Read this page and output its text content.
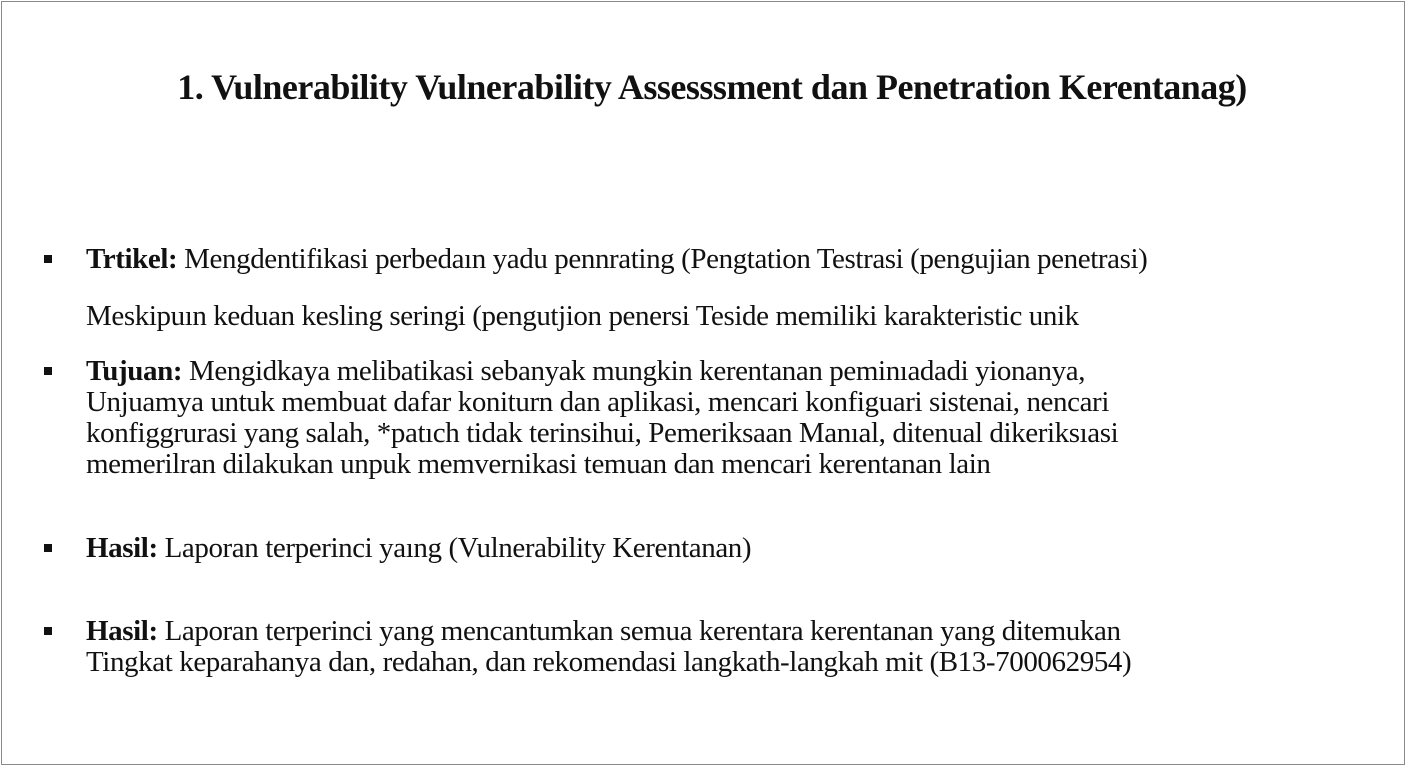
1. Vulnerability Vulnerability Assesssment dan Penetration Kerentanag)
Trtikel: Mengdentifikasi perbedaın yadu pennrating (Pengtation Testrasi (pengujian penetrasi)
Meskipuın keduan kesling seringi (pengutjion penersi Teside memiliki karakteristic unik
Tujuan: Mengidkaya melibatikasi sebanyak mungkin kerentanan peminıadadi yionanya,
Unjuamya untuk membuat dafar koniturn dan aplikasi, mencari konfiguari sistenai, nencari
konfiggrurasi yang salah, *patıch tidak terinsihui, Pemeriksaan Manıal, ditenual dikeriksıasi
memerilran dilakukan unpuk memvernikasi temuan dan mencari kerentanan lain
Hasil: Laporan terperinci yaıng (Vulnerability Kerentanan)
Hasil: Laporan terperinci yang mencantumkan semua kerentara kerentanan yang ditemukan
Tingkat keparahanya dan, redahan, dan rekomendasi langkath-langkah mit (B13-700062954)
